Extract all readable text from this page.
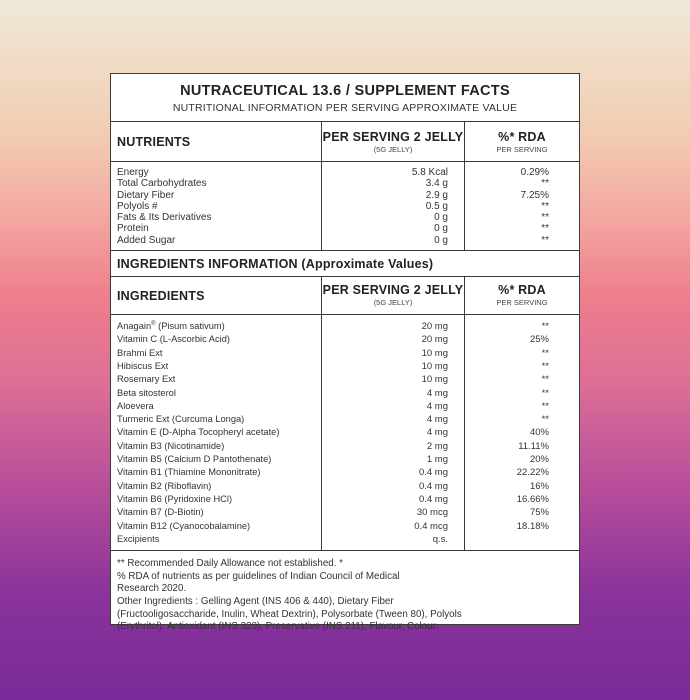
NUTRACEUTICAL 13.6 / SUPPLEMENT FACTS
NUTRITIONAL INFORMATION PER SERVING APPROXIMATE VALUE
NUTRIENTS	PER SERVING 2 JELLY
(5G JELLY)
%* RDA
PER SERVING
Energy
Total Carbohydrates
Dietary Fiber
Polyols #
Fats & Its Derivatives
Protein
Added Sugar
5.8 Kcal
3.4 g
2.9 g
0.5 g
0 g
0 g
0 g
0.29%
**
7.25%
**
**
**
**
INGREDIENTS INFORMATION (Approximate Values)
INGREDIENTS	PER SERVING 2 JELLY
(5G JELLY)
%* RDA
PER SERVING
Anagain® (Pisum sativum)
Vitamin C (L-Ascorbic Acid)
Brahmi Ext
Hibiscus Ext
Rosemary Ext
Beta sitosterol
Aloevera
Turmeric Ext (Curcuma Longa)
Vitamin E (D-Alpha Tocopheryl acetate)
Vitamin B3 (Nicotinamide)
Vitamin B5 (Calcium D Pantothenate)
Vitamin B1 (Thiamine Mononitrate)
Vitamin B2 (Riboflavin)
Vitamin B6 (Pyridoxine HCl)
Vitamin B7 (D-Biotin)
Vitamin B12 (Cyanocobalamine)
Excipients
20 mg
20 mg
10 mg
10 mg
10 mg
4 mg
4 mg
4 mg
4 mg
2 mg
1 mg
0.4 mg
0.4 mg
0.4 mg
30 mcg
0.4 mcg
q.s.
**
25%
**
**
**
**
**
**
40%
11.11%
20%
22.22%
16%
16.66%
75%
18.18%
** Recommended Daily Allowance not established. *
% RDA of nutrients as per guidelines of Indian Council of Medical
Research 2020.
Other Ingredients : Gelling Agent (INS 406 & 440), Dietary Fiber
(Fructooligosaccharide, Inulin, Wheat Dextrin), Polysorbate (Tween 80), Polyols
(Erythritol), Antioxidant (INS 320), Preservative (INS 211), Flavour, Colour.
